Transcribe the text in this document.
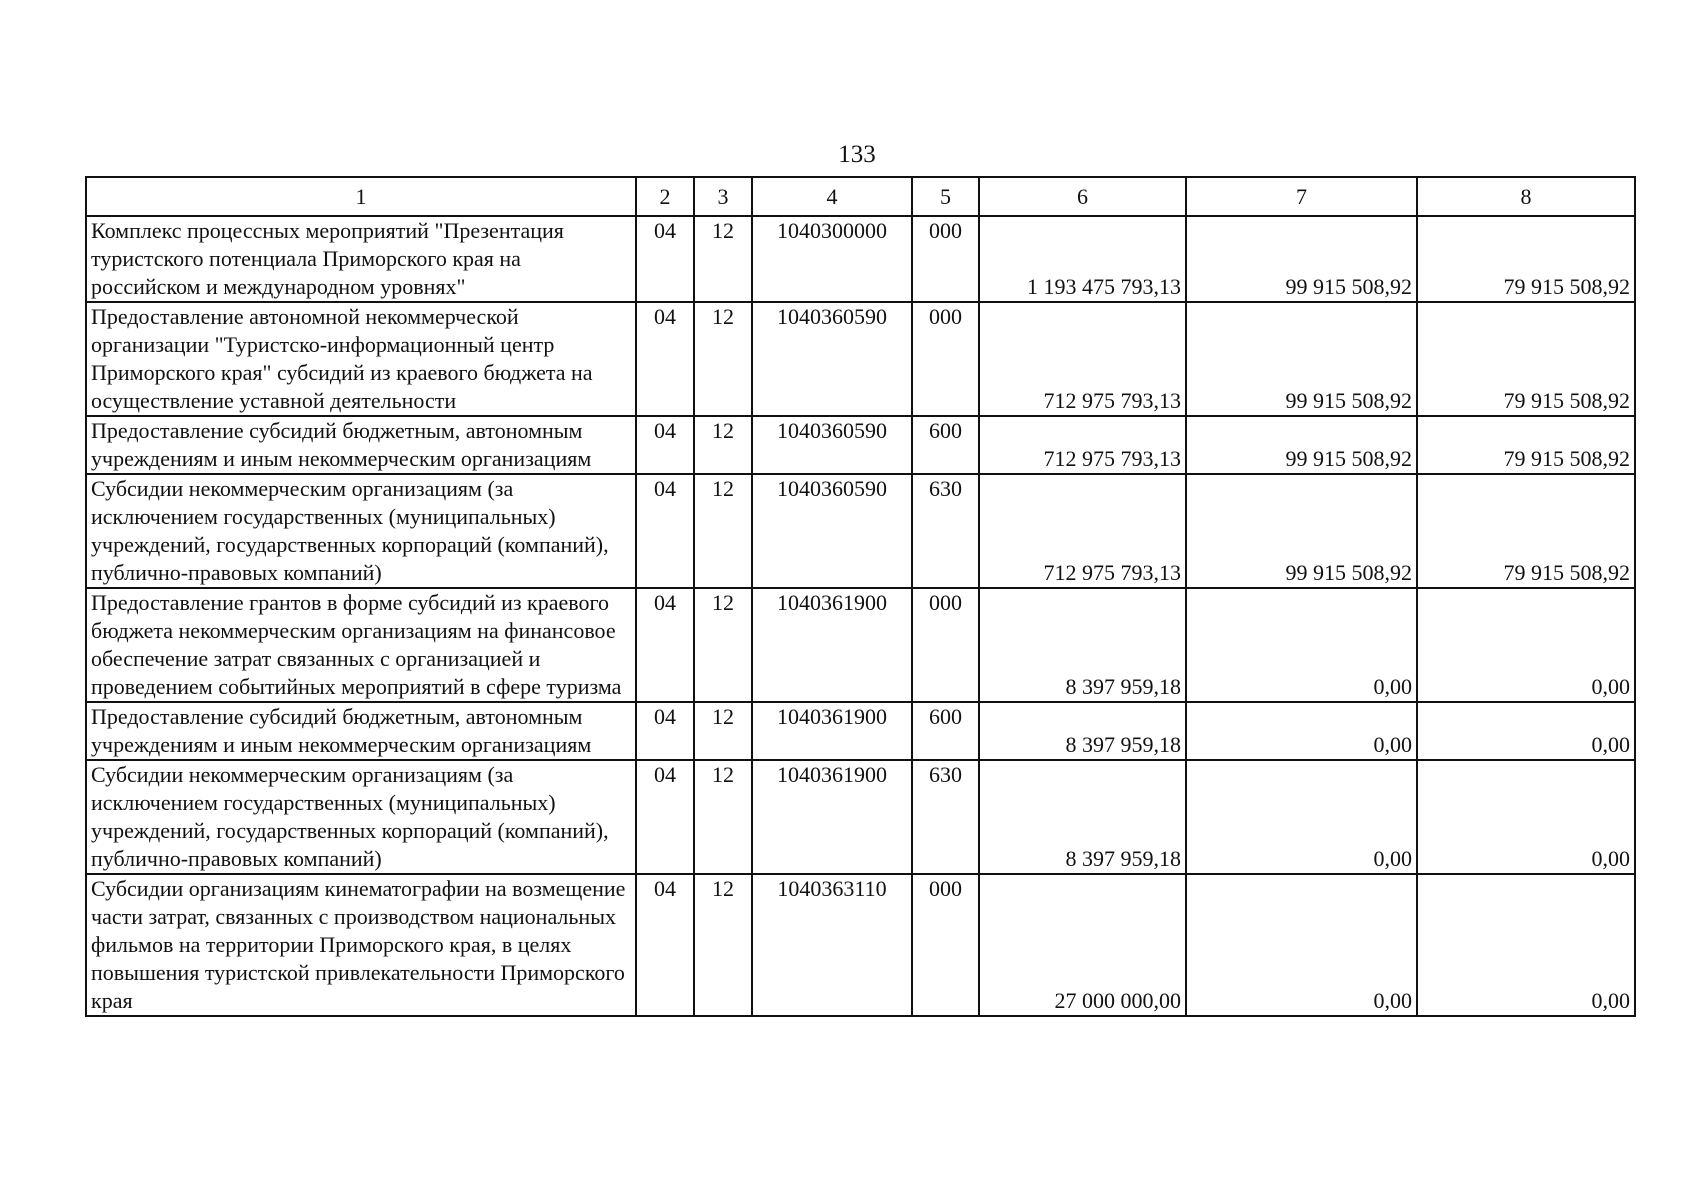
133
1	2	3	4	5	6	7	8
Комплекс процессных мероприятий "Презентация туристского потенциала Приморского края на российском и международном уровнях"	04	12	1040300000	000	1 193 475 793,13	99 915 508,92	79 915 508,92
Предоставление автономной некоммерческой организации "Туристско-информационный центр Приморского края" субсидий из краевого бюджета на осуществление уставной деятельности	04	12	1040360590	000	712 975 793,13	99 915 508,92	79 915 508,92
Предоставление субсидий бюджетным, автономным учреждениям и иным некоммерческим организациям	04	12	1040360590	600	712 975 793,13	99 915 508,92	79 915 508,92
Субсидии некоммерческим организациям (за исключением государственных (муниципальных) учреждений, государственных корпораций (компаний), публично-правовых компаний)	04	12	1040360590	630	712 975 793,13	99 915 508,92	79 915 508,92
Предоставление грантов в форме субсидий из краевого бюджета некоммерческим организациям на финансовое обеспечение затрат связанных с организацией и проведением событийных мероприятий в сфере туризма	04	12	1040361900	000	8 397 959,18	0,00	0,00
Предоставление субсидий бюджетным, автономным учреждениям и иным некоммерческим организациям	04	12	1040361900	600	8 397 959,18	0,00	0,00
Субсидии некоммерческим организациям (за исключением государственных (муниципальных) учреждений, государственных корпораций (компаний), публично-правовых компаний)	04	12	1040361900	630	8 397 959,18	0,00	0,00
Субсидии организациям кинематографии на возмещение части затрат, связанных с производством национальных фильмов на территории Приморского края, в целях повышения туристской привлекательности Приморского края	04	12	1040363110	000	27 000 000,00	0,00	0,00
